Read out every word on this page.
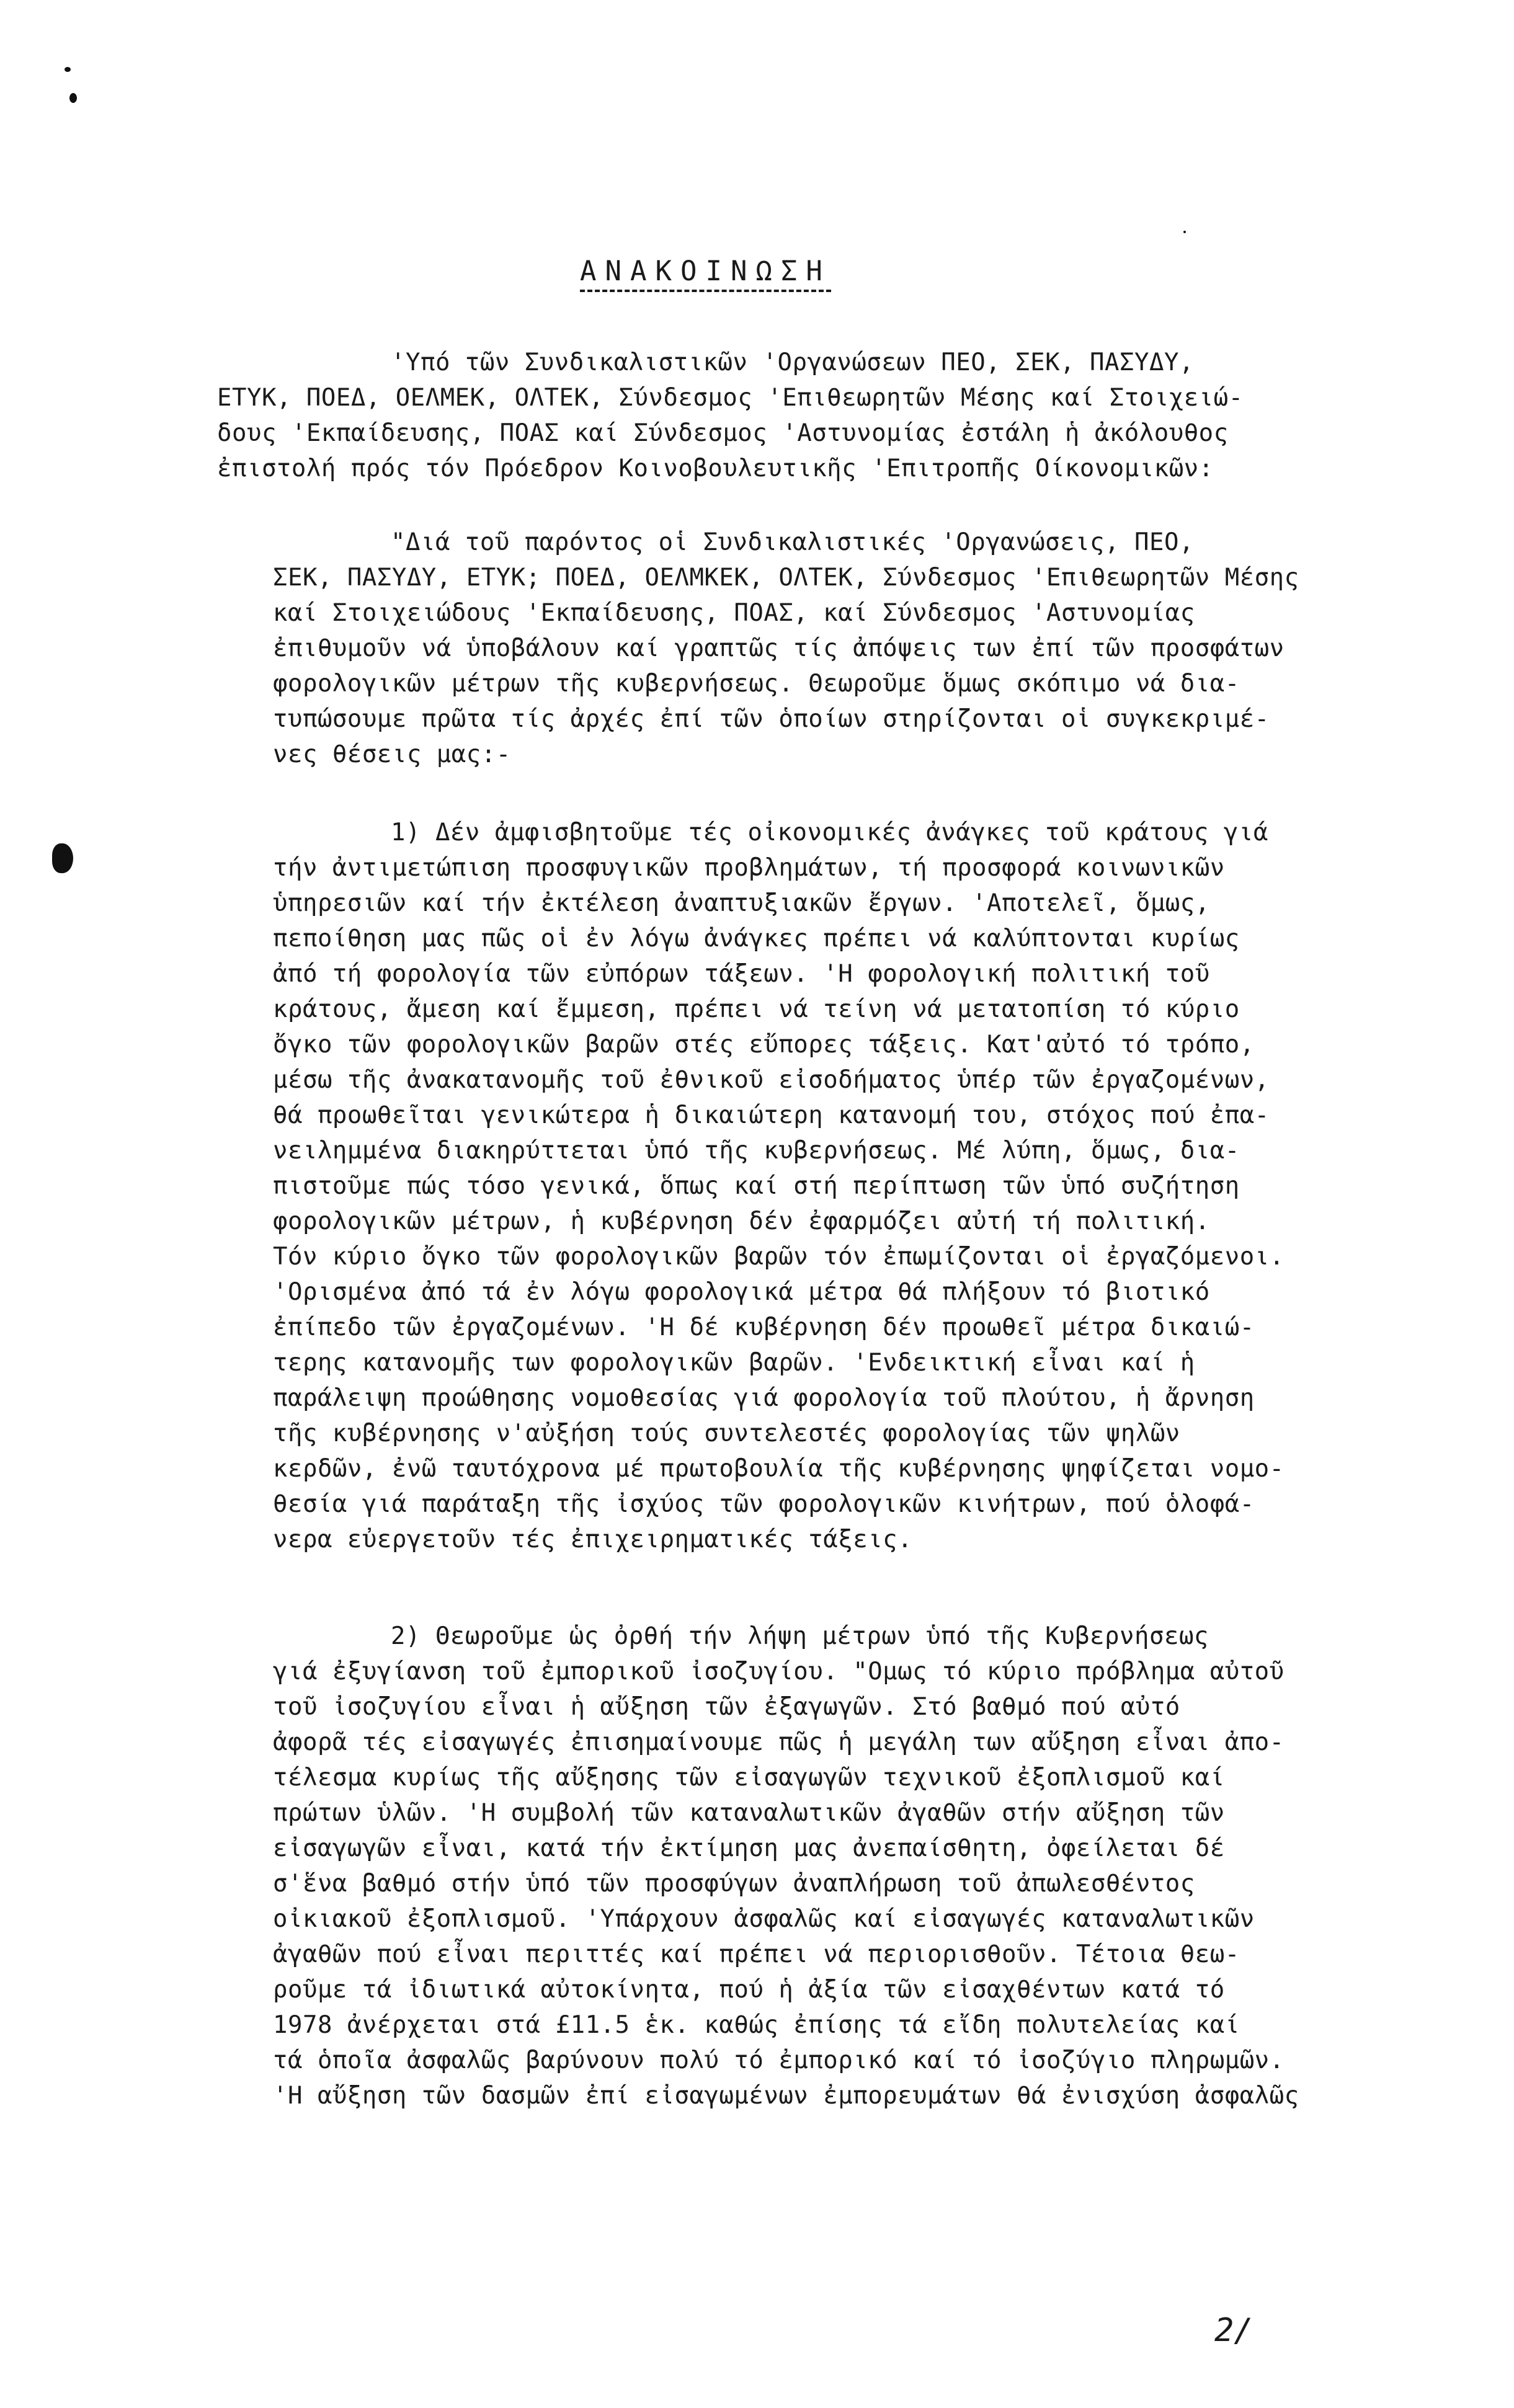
ΑΝΑΚΟΙΝΩΣΗ
'Υπό τῶν Συνδικαλιστικῶν 'Οργανώσεων ΠΕΟ, ΣΕΚ, ΠΑΣΥΔΥ,
ΕΤΥΚ, ΠΟΕΔ, ΟΕΛΜΕΚ, ΟΛΤΕΚ, Σύνδεσμος 'Επιθεωρητῶν Μέσης καί Στοιχειώ-
δους 'Εκπαίδευσης, ΠΟΑΣ καί Σύνδεσμος 'Αστυνομίας ἐστάλη ἡ ἀκόλουθος
ἐπιστολή πρός τόν Πρόεδρον Κοινοβουλευτικῆς 'Επιτροπῆς Οίκονομικῶν:
"Διά τοῦ παρόντος οἱ Συνδικαλιστικές 'Οργανώσεις, ΠΕΟ,
ΣΕΚ, ΠΑΣΥΔΥ, ΕΤΥΚ; ΠΟΕΔ, ΟΕΛΜΚΕΚ, ΟΛΤΕΚ, Σύνδεσμος 'Επιθεωρητῶν Μέσης
καί Στοιχειώδους 'Εκπαίδευσης, ΠΟΑΣ, καί Σύνδεσμος 'Αστυνομίας
ἐπιθυμοῦν νά ὑποβάλουν καί γραπτῶς τίς ἀπόψεις των ἐπί τῶν προσφάτων
φορολογικῶν μέτρων τῆς κυβερνήσεως. Θεωροῦμε ὅμως σκόπιμο νά δια-
τυπώσουμε πρῶτα τίς ἀρχές ἐπί τῶν ὁποίων στηρίζονται οἱ συγκεκριμέ-
νες θέσεις μας:-
1) Δέν ἀμφισβητοῦμε τές οἰκονομικές ἀνάγκες τοῦ κράτους γιά
τήν ἀντιμετώπιση προσφυγικῶν προβλημάτων, τή προσφορά κοινωνικῶν
ὑπηρεσιῶν καί τήν ἐκτέλεση ἀναπτυξιακῶν ἔργων. 'Αποτελεῖ, ὅμως,
πεποίθηση μας πῶς οἱ ἐν λόγω ἀνάγκες πρέπει νά καλύπτονται κυρίως
ἀπό τή φορολογία τῶν εὐπόρων τάξεων. 'Η φορολογική πολιτική τοῦ
κράτους, ἄμεση καί ἔμμεση, πρέπει νά τείνη νά μετατοπίση τό κύριο
ὄγκο τῶν φορολογικῶν βαρῶν στές εὔπορες τάξεις. Κατ'αὐτό τό τρόπο,
μέσω τῆς ἀνακατανομῆς τοῦ ἐθνικοῦ εἰσοδήματος ὑπέρ τῶν ἐργαζομένων,
θά προωθεῖται γενικώτερα ἡ δικαιώτερη κατανομή του, στόχος πού ἐπα-
νειλημμένα διακηρύττεται ὑπό τῆς κυβερνήσεως. Μέ λύπη, ὅμως, δια-
πιστοῦμε πώς τόσο γενικά, ὅπως καί στή περίπτωση τῶν ὑπό συζήτηση
φορολογικῶν μέτρων, ἡ κυβέρνηση δέν ἐφαρμόζει αὐτή τή πολιτική.
Τόν κύριο ὄγκο τῶν φορολογικῶν βαρῶν τόν ἐπωμίζονται οἱ ἐργαζόμενοι.
'Ορισμένα ἀπό τά ἐν λόγω φορολογικά μέτρα θά πλήξουν τό βιοτικό
ἐπίπεδο τῶν ἐργαζομένων. 'Η δέ κυβέρνηση δέν προωθεῖ μέτρα δικαιώ-
τερης κατανομῆς των φορολογικῶν βαρῶν. 'Ενδεικτική εἶναι καί ἡ
παράλειψη προώθησης νομοθεσίας γιά φορολογία τοῦ πλούτου, ἡ ἄρνηση
τῆς κυβέρνησης ν'αὐξήση τούς συντελεστές φορολογίας τῶν ψηλῶν
κερδῶν, ἐνῶ ταυτόχρονα μέ πρωτοβουλία τῆς κυβέρνησης ψηφίζεται νομο-
θεσία γιά παράταξη τῆς ἰσχύος τῶν φορολογικῶν κινήτρων, πού ὁλοφά-
νερα εὐεργετοῦν τές ἐπιχειρηματικές τάξεις.
2) Θεωροῦμε ὡς ὀρθή τήν λήψη μέτρων ὑπό τῆς Κυβερνήσεως
γιά ἐξυγίανση τοῦ ἐμπορικοῦ ἰσοζυγίου. "Ομως τό κύριο πρόβλημα αὐτοῦ
τοῦ ἰσοζυγίου εἶναι ἡ αὔξηση τῶν ἐξαγωγῶν. Στό βαθμό πού αὐτό
ἀφορᾶ τές εἰσαγωγές ἐπισημαίνουμε πῶς ἡ μεγάλη των αὔξηση εἶναι ἀπο-
τέλεσμα κυρίως τῆς αὔξησης τῶν εἰσαγωγῶν τεχνικοῦ ἐξοπλισμοῦ καί
πρώτων ὑλῶν. 'Η συμβολή τῶν καταναλωτικῶν ἀγαθῶν στήν αὔξηση τῶν
εἰσαγωγῶν εἶναι, κατά τήν ἐκτίμηση μας ἀνεπαίσθητη, ὀφείλεται δέ
σ'ἕνα βαθμό στήν ὑπό τῶν προσφύγων ἀναπλήρωση τοῦ ἀπωλεσθέντος
οἰκιακοῦ ἐξοπλισμοῦ. 'Υπάρχουν ἀσφαλῶς καί εἰσαγωγές καταναλωτικῶν
ἀγαθῶν πού εἶναι περιττές καί πρέπει νά περιορισθοῦν. Τέτοια θεω-
ροῦμε τά ἰδιωτικά αὐτοκίνητα, πού ἡ ἀξία τῶν εἰσαχθέντων κατά τό
1978 ἀνέρχεται στά £11.5 ἑκ. καθώς ἐπίσης τά εἴδη πολυτελείας καί
τά ὁποῖα ἀσφαλῶς βαρύνουν πολύ τό ἐμπορικό καί τό ἰσοζύγιο πληρωμῶν.
'Η αὔξηση τῶν δασμῶν ἐπί εἰσαγωμένων ἐμπορευμάτων θά ἐνισχύση ἀσφαλῶς
2/
